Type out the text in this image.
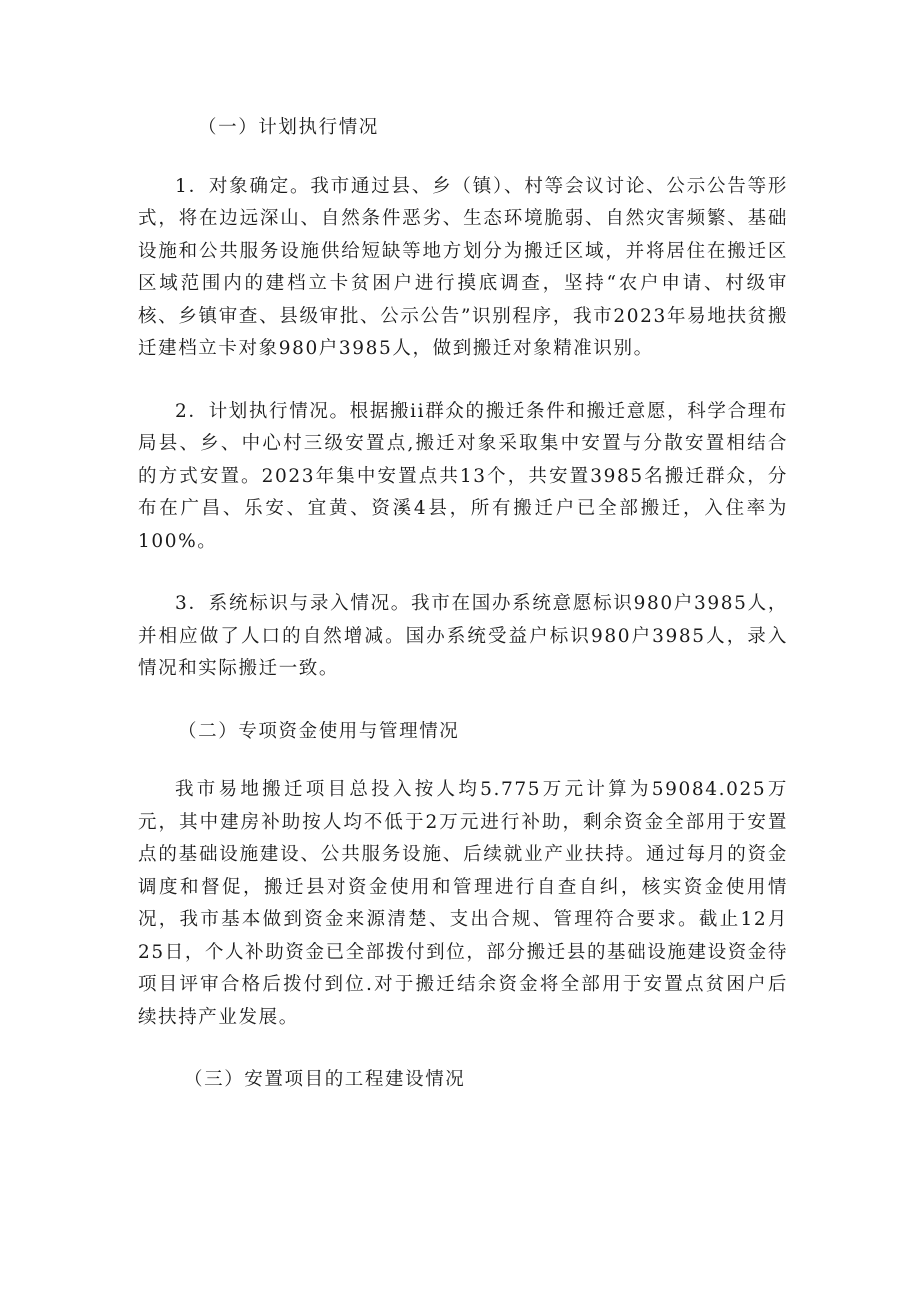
（一）计划执行情况

1．对象确定。我市通过县、乡（镇）、村等会议讨论、公示公告等形式，将在边远深山、自然条件恶劣、生态环境脆弱、自然灾害频繁、基础设施和公共服务设施供给短缺等地方划分为搬迁区域，并将居住在搬迁区区域范围内的建档立卡贫困户进行摸底调查，坚持“农户申请、村级审核、乡镇审查、县级审批、公示公告”识别程序，我市2023年易地扶贫搬迁建档立卡对象980户3985人，做到搬迁对象精准识别。

2．计划执行情况。根据搬ii群众的搬迁条件和搬迁意愿，科学合理布局县、乡、中心村三级安置点,搬迁对象采取集中安置与分散安置相结合的方式安置。2023年集中安置点共13个，共安置3985名搬迁群众，分布在广昌、乐安、宜黄、资溪4县，所有搬迁户已全部搬迁，入住率为100%。

3．系统标识与录入情况。我市在国办系统意愿标识980户3985人，并相应做了人口的自然增减。国办系统受益户标识980户3985人，录入情况和实际搬迁一致。

（二）专项资金使用与管理情况

我市易地搬迁项目总投入按人均5.775万元计算为59084.025万元，其中建房补助按人均不低于2万元进行补助，剩余资金全部用于安置点的基础设施建设、公共服务设施、后续就业产业扶持。通过每月的资金调度和督促，搬迁县对资金使用和管理进行自查自纠，核实资金使用情况，我市基本做到资金来源清楚、支出合规、管理符合要求。截止12月25日，个人补助资金已全部拨付到位，部分搬迁县的基础设施建设资金待项目评审合格后拨付到位.对于搬迁结余资金将全部用于安置点贫困户后续扶持产业发展。

（三）安置项目的工程建设情况
